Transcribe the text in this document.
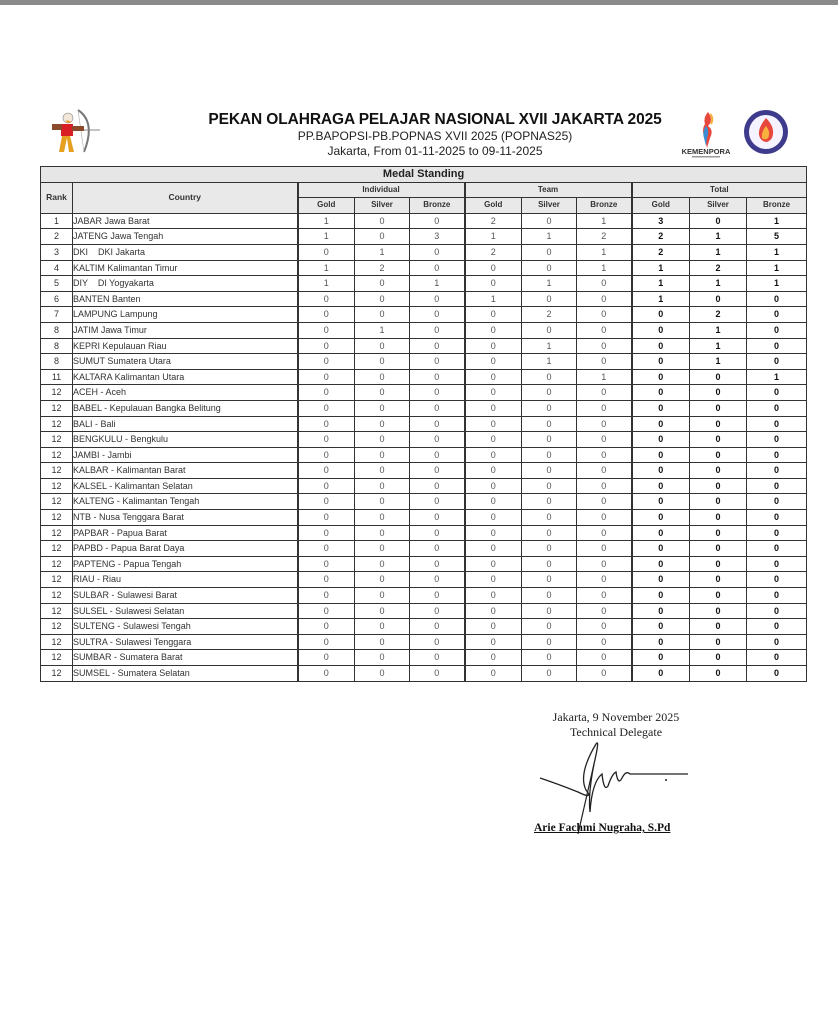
PEKAN OLAHRAGA PELAJAR NASIONAL XVII JAKARTA 2025
PP.BAPOPSI-PB.POPNAS XVII 2025 (POPNAS25)
Jakarta, From 01-11-2025 to 09-11-2025	KEMENPORA
Medal Standing										
Rank	Country	Individual			Team			Total		
		Gold	Silver	Bronze	Gold	Silver	Bronze	Gold	Silver	Bronze
1	JABAR Jawa Barat	1	0	0	2	0	1	3	0	1
2	JATENG Jawa Tengah	1	0	3	1	1	2	2	1	5
3	DKI    DKI Jakarta	0	1	0	2	0	1	2	1	1
4	KALTIM Kalimantan Timur	1	2	0	0	0	1	1	2	1
5	DIY    DI Yogyakarta	1	0	1	0	1	0	1	1	1
6	BANTEN Banten	0	0	0	1	0	0	1	0	0
7	LAMPUNG Lampung	0	0	0	0	2	0	0	2	0
8	JATIM Jawa Timur	0	1	0	0	0	0	0	1	0
8	KEPRI Kepulauan Riau	0	0	0	0	1	0	0	1	0
8	SUMUT Sumatera Utara	0	0	0	0	1	0	0	1	0
11	KALTARA Kalimantan Utara	0	0	0	0	0	1	0	0	1
12	ACEH - Aceh	0	0	0	0	0	0	0	0	0
12	BABEL - Kepulauan Bangka Belitung	0	0	0	0	0	0	0	0	0
12	BALI - Bali	0	0	0	0	0	0	0	0	0
12	BENGKULU - Bengkulu	0	0	0	0	0	0	0	0	0
12	JAMBI - Jambi	0	0	0	0	0	0	0	0	0
12	KALBAR - Kalimantan Barat	0	0	0	0	0	0	0	0	0
12	KALSEL - Kalimantan Selatan	0	0	0	0	0	0	0	0	0
12	KALTENG - Kalimantan Tengah	0	0	0	0	0	0	0	0	0
12	NTB - Nusa Tenggara Barat	0	0	0	0	0	0	0	0	0
12	PAPBAR - Papua Barat	0	0	0	0	0	0	0	0	0
12	PAPBD - Papua Barat Daya	0	0	0	0	0	0	0	0	0
12	PAPTENG - Papua Tengah	0	0	0	0	0	0	0	0	0
12	RIAU - Riau	0	0	0	0	0	0	0	0	0
12	SULBAR - Sulawesi Barat	0	0	0	0	0	0	0	0	0
12	SULSEL - Sulawesi Selatan	0	0	0	0	0	0	0	0	0
12	SULTENG - Sulawesi Tengah	0	0	0	0	0	0	0	0	0
12	SULTRA - Sulawesi Tenggara	0	0	0	0	0	0	0	0	0
12	SUMBAR - Sumatera Barat	0	0	0	0	0	0	0	0	0
12	SUMSEL - Sumatera Selatan	0	0	0	0	0	0	0	0	0
Jakarta, 9 November 2025
Technical Delegate
Arie Fachmi Nugraha, S.Pd
